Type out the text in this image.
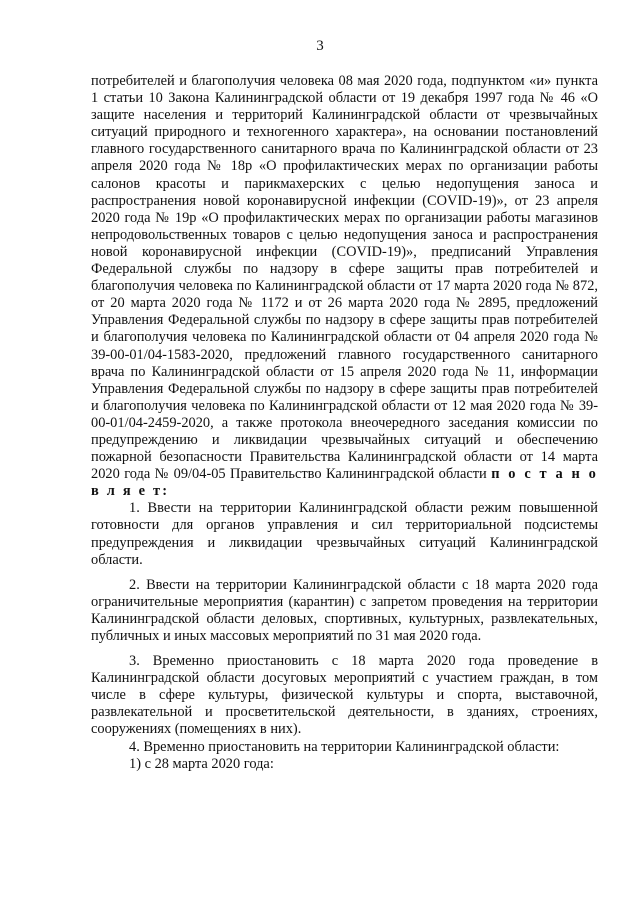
3

потребителей и благополучия человека 08 мая 2020 года, подпунктом «и» пункта 1 статьи 10 Закона Калининградской области от 19 декабря 1997 года № 46 «О защите населения и территорий Калининградской области от чрезвычайных ситуаций природного и техногенного характера», на основании постановлений главного государственного санитарного врача по Калининградской области от 23 апреля 2020 года № 18р «О профилактических мерах по организации работы салонов красоты и парикмахерских с целью недопущения заноса и распространения новой коронавирусной инфекции (COVID-19)», от 23 апреля 2020 года № 19р «О профилактических мерах по организации работы магазинов непродовольственных товаров с целью недопущения заноса и распространения новой коронавирусной инфекции (COVID-19)», предписаний Управления Федеральной службы по надзору в сфере защиты прав потребителей и благополучия человека по Калининградской области от 17 марта 2020 года № 872, от 20 марта 2020 года № 1172 и от 26 марта 2020 года № 2895, предложений Управления Федеральной службы по надзору в сфере защиты прав потребителей и благополучия человека по Калининградской области от 04 апреля 2020 года № 39-00-01/04-1583-2020, предложений главного государственного санитарного врача по Калининградской области от 15 апреля 2020 года № 11, информации Управления Федеральной службы по надзору в сфере защиты прав потребителей и благополучия человека по Калининградской области от 12 мая 2020 года № 39-00-01/04-2459-2020, а также протокола внеочередного заседания комиссии по предупреждению и ликвидации чрезвычайных ситуаций и обеспечению пожарной безопасности Правительства Калининградской области от 14 марта 2020 года № 09/04-05 Правительство Калининградской области п о с т а н о в л я е т:

1. Ввести на территории Калининградской области режим повышенной готовности для органов управления и сил территориальной подсистемы предупреждения и ликвидации чрезвычайных ситуаций Калининградской области.

2. Ввести на территории Калининградской области с 18 марта 2020 года ограничительные мероприятия (карантин) с запретом проведения на территории Калининградской области деловых, спортивных, культурных, развлекательных, публичных и иных массовых мероприятий по 31 мая 2020 года.

3. Временно приостановить с 18 марта 2020 года проведение в Калининградской области досуговых мероприятий с участием граждан, в том числе в сфере культуры, физической культуры и спорта, выставочной, развлекательной и просветительской деятельности, в зданиях, строениях, сооружениях (помещениях в них).

4. Временно приостановить на территории Калининградской области:

1) с 28 марта 2020 года:
